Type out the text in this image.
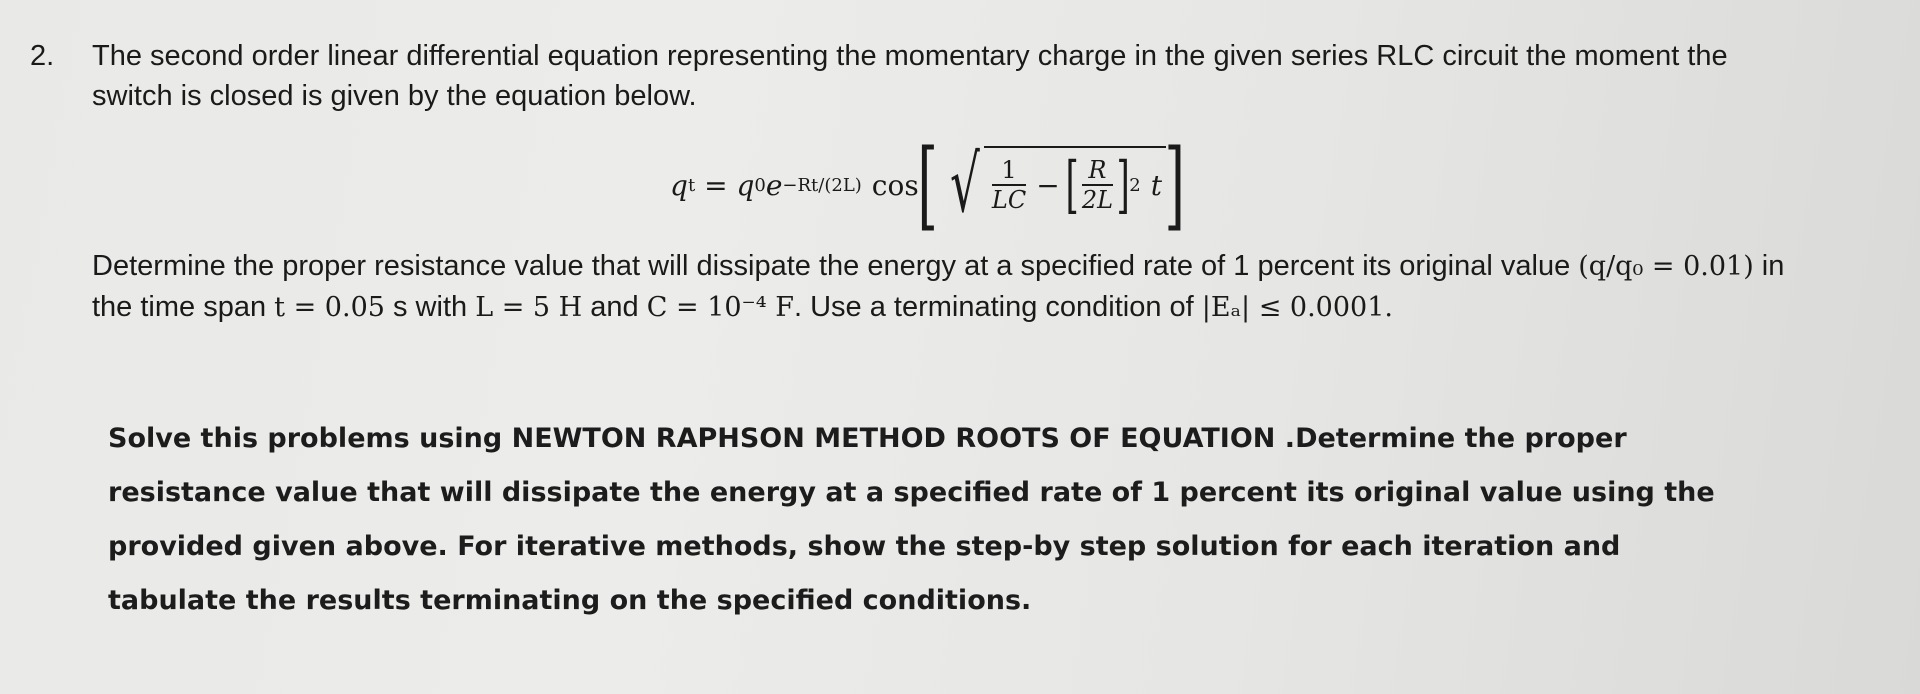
2. The second order linear differential equation representing the momentary charge in the given series RLC circuit the moment the switch is closed is given by the equation below.
q t = q 0 e −Rt/(2L) cos
[ √ $\frac{1}{LC}$ − [ $\frac{R}{2L}$ ] 2 t ]
Determine the proper resistance value that will dissipate the energy at a specified rate of 1 percent its original value (q/q₀ = 0.01) in the time span t = 0.05 s with L = 5 H and C = 10⁻⁴ F. Use a terminating condition of |Eₐ| ≤ 0.0001.
Solve this problems using NEWTON RAPHSON METHOD ROOTS OF EQUATION .Determine the proper resistance value that will dissipate the energy at a specified rate of 1 percent its original value using the provided given above. For iterative methods, show the step-by step solution for each iteration and tabulate the results terminating on the specified conditions.
